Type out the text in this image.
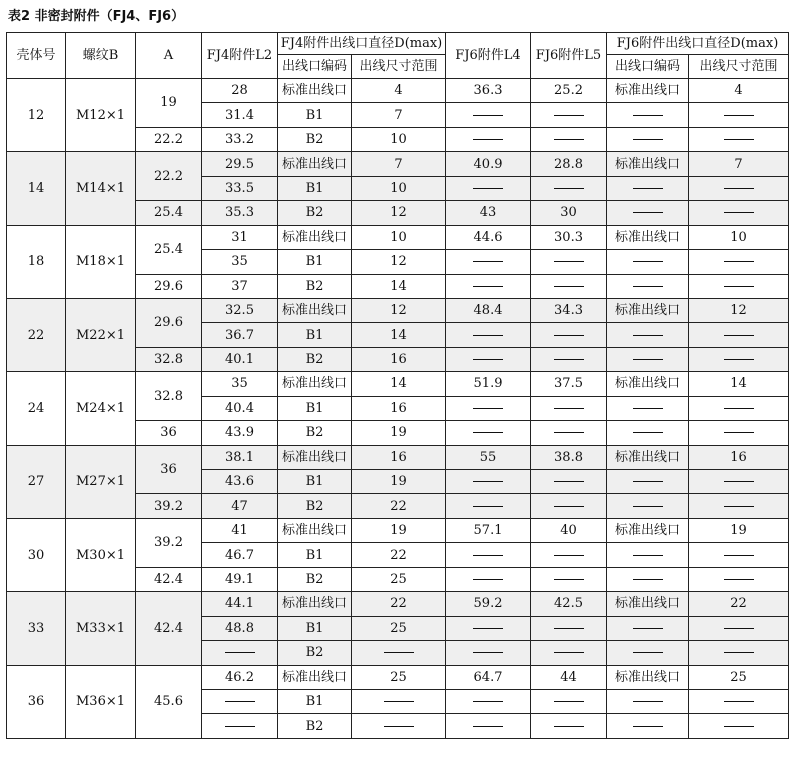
表2 非密封附件（FJ4、FJ6）
壳体号	螺纹B	A	FJ4附件L2	FJ4附件出线口直径D(max)		FJ6附件L4	FJ6附件L5	FJ6附件出线口直径D(max)	
				出线口编码	出线尺寸范围			出线口编码	出线尺寸范围
12	M12×1	19	28	标准出线口	4	36.3	25.2	标准出线口	4
			31.4	B1	7				
		22.2	33.2	B2	10				
14	M14×1	22.2	29.5	标准出线口	7	40.9	28.8	标准出线口	7
			33.5	B1	10				
		25.4	35.3	B2	12	43	30		
18	M18×1	25.4	31	标准出线口	10	44.6	30.3	标准出线口	10
			35	B1	12				
		29.6	37	B2	14				
22	M22×1	29.6	32.5	标准出线口	12	48.4	34.3	标准出线口	12
			36.7	B1	14				
		32.8	40.1	B2	16				
24	M24×1	32.8	35	标准出线口	14	51.9	37.5	标准出线口	14
			40.4	B1	16				
		36	43.9	B2	19				
27	M27×1	36	38.1	标准出线口	16	55	38.8	标准出线口	16
			43.6	B1	19				
		39.2	47	B2	22				
30	M30×1	39.2	41	标准出线口	19	57.1	40	标准出线口	19
			46.7	B1	22				
		42.4	49.1	B2	25				
33	M33×1	42.4	44.1	标准出线口	22	59.2	42.5	标准出线口	22
			48.8	B1	25				
				B2					
36	M36×1	45.6	46.2	标准出线口	25	64.7	44	标准出线口	25
				B1					
				B2					
